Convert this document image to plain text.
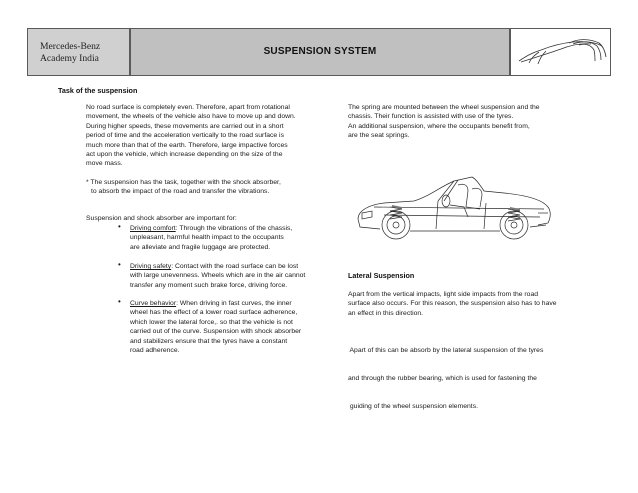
Mercedes-Benz
Academy India
SUSPENSION SYSTEM
Task of the suspension
No road surface is completely even. Therefore, apart from rotational
movement, the wheels of the vehicle also have to move up and down.
During higher speeds, these movements are carried out in a short
period of time and the acceleration vertically to the road surface is
much more than that of the earth. Therefore, large impactive forces
act upon the vehicle, which increase depending on the size of the
move mass.
* The suspension has the task, together with the shock absorber,
to absorb the impact of the road and transfer the vibrations.
Suspension and shock absorber are important for:
•	Driving comfort: Through the vibrations of the chassis,
unpleasant, harmful health impact to the occupants
are alleviate and fragile luggage are protected.
•	Driving safety: Contact with the road surface can be lost
with large unevenness. Wheels which are in the air cannot
transfer any moment such brake force, driving force.
•	Curve behavior: When driving in fast curves, the inner
wheel has the effect of a lower road surface adherence,
which lower the lateral force,. so that the vehicle is not
carried out of the curve. Suspension with shock absorber
and stabilizers ensure that the tyres have a constant
road adherence.
The spring are mounted between the wheel suspension and the
chassis. Their function is assisted with use of the tyres.
An additional suspension, where the occupants benefit from,
are the seat springs.
Lateral Suspension
Apart from the vertical impacts, light side impacts from the road
surface also occurs. For this reason, the suspension also has to have
an effect in this direction.

Apart of this can be absorb by the lateral suspension of the tyres

and through the rubber bearing, which is used for fastening the

guiding of the wheel suspension elements.
